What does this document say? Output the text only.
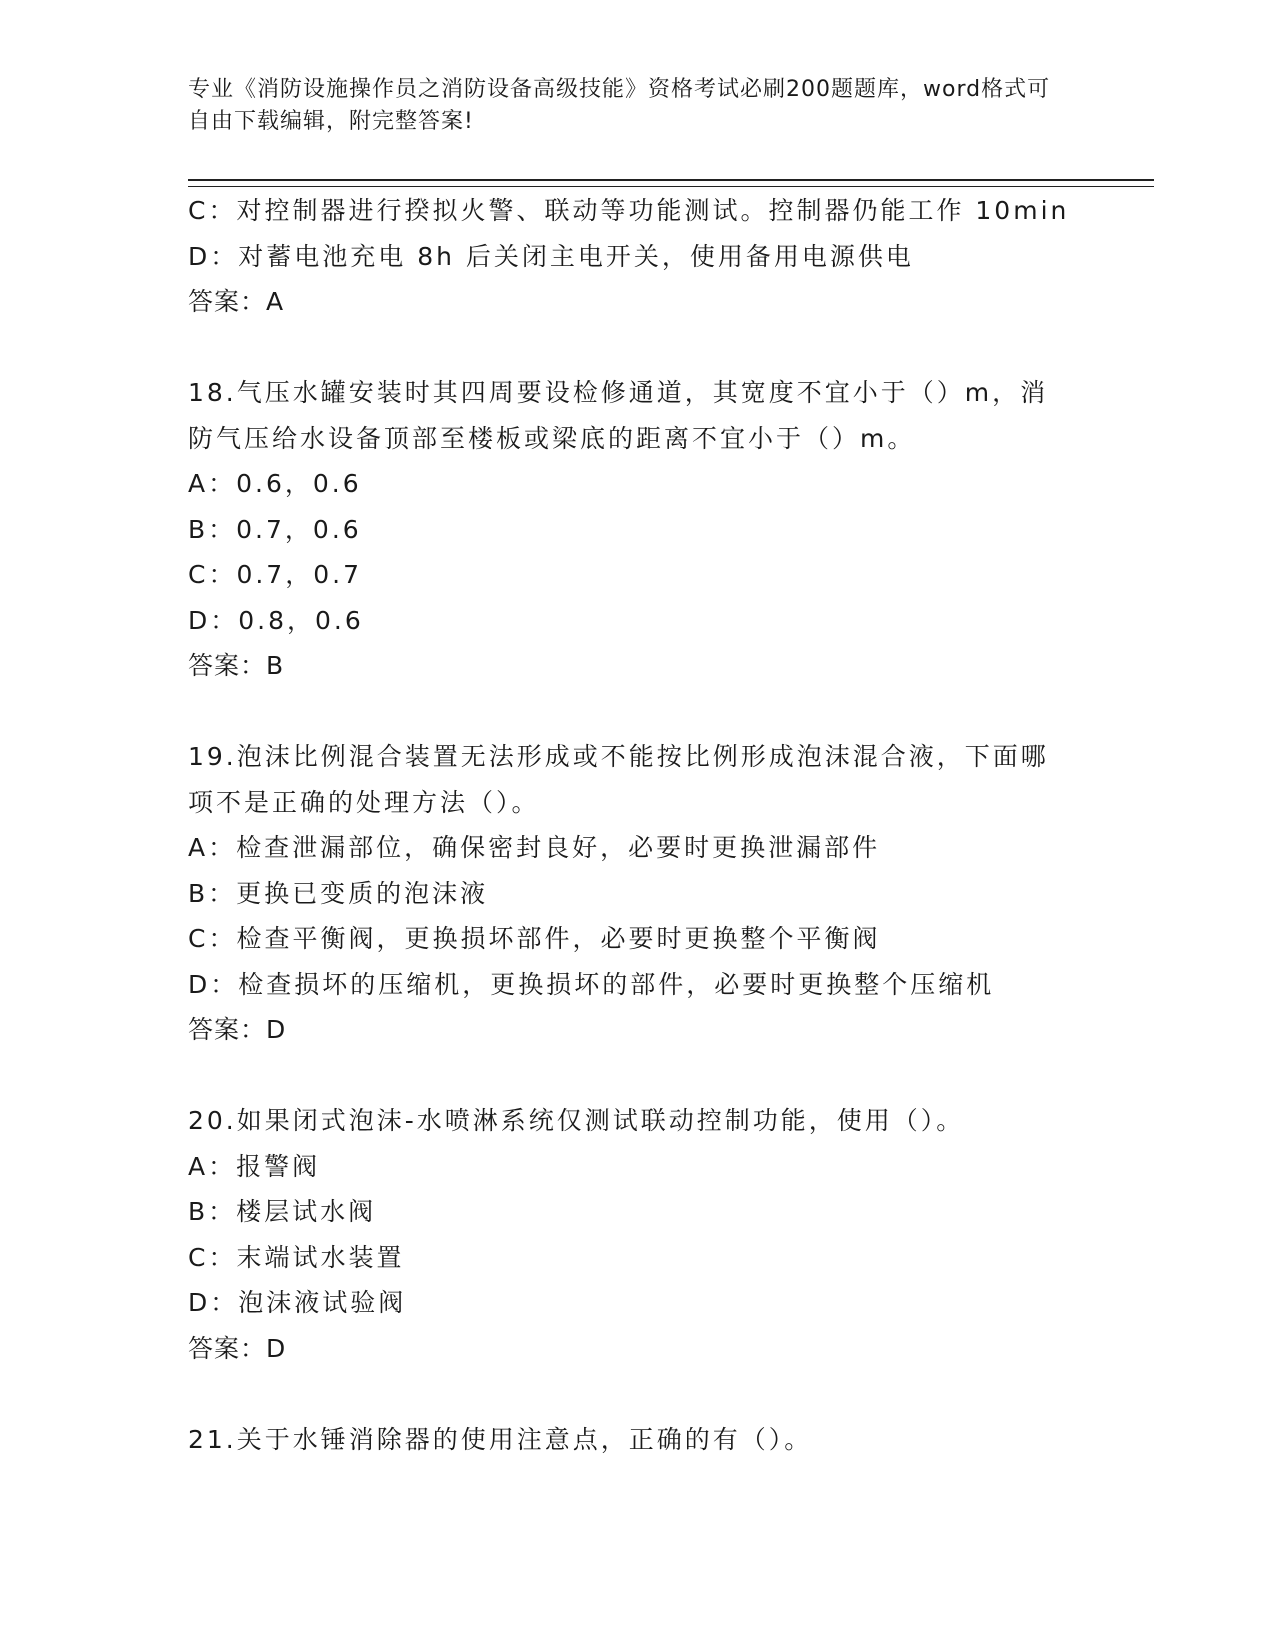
专业《消防设施操作员之消防设备高级技能》资格考试必刷200题题库，word格式可自由下载编辑，附完整答案!
C：对控制器进行揆拟火警、联动等功能测试。控制器仍能工作 10min
D：对蓄电池充电 8h 后关闭主电开关，使用备用电源供电
答案：A
18.气压水罐安装时其四周要设检修通道，其宽度不宜小于（）m，消
防气压给水设备顶部至楼板或梁底的距离不宜小于（）m。
A：0.6，0.6
B：0.7，0.6
C：0.7，0.7
D：0.8，0.6
答案：B
19.泡沫比例混合装置无法形成或不能按比例形成泡沫混合液，下面哪
项不是正确的处理方法（）。
A：检查泄漏部位，确保密封良好，必要时更换泄漏部件
B：更换已变质的泡沫液
C：检查平衡阀，更换损坏部件，必要时更换整个平衡阀
D：检查损坏的压缩机，更换损坏的部件，必要时更换整个压缩机
答案：D
20.如果闭式泡沫-水喷淋系统仅测试联动控制功能，使用（）。
A：报警阀
B：楼层试水阀
C：末端试水装置
D：泡沫液试验阀
答案：D
21.关于水锤消除器的使用注意点，正确的有（）。
